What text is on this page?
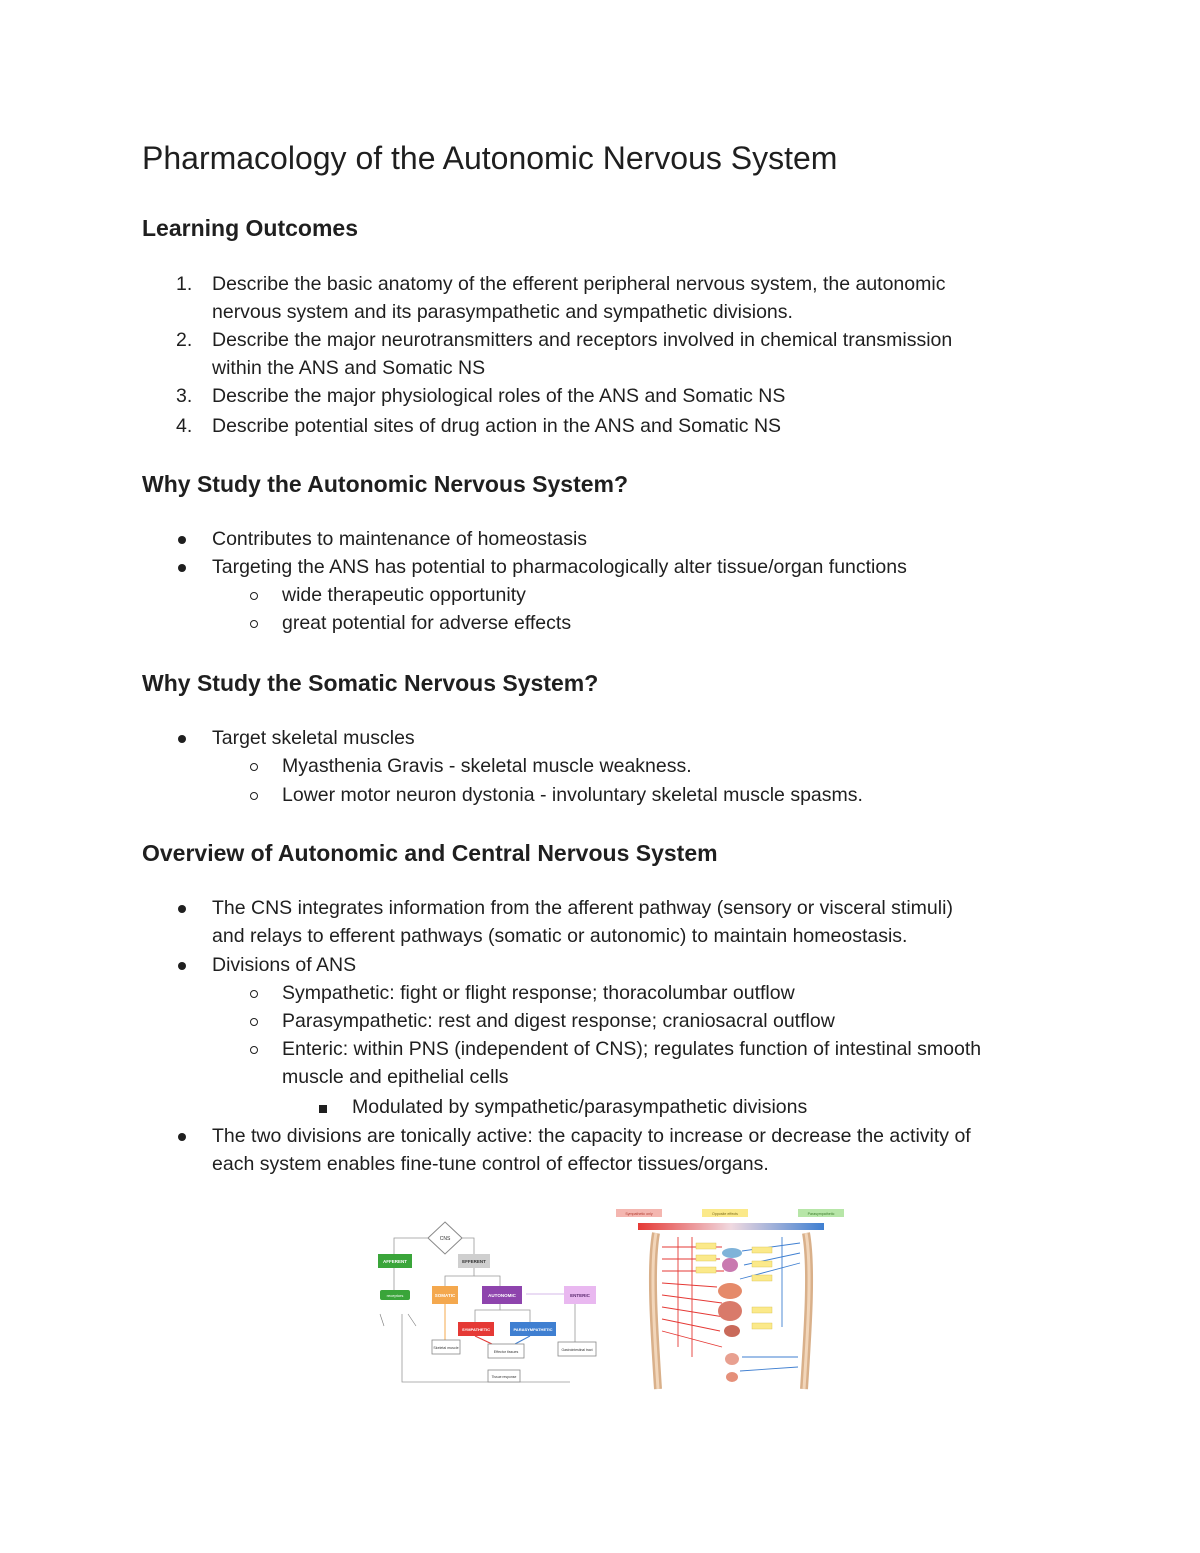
Pharmacology of the Autonomic Nervous System
Learning Outcomes
1. Describe the basic anatomy of the efferent peripheral nervous system, the autonomic

nervous system and its parasympathetic and sympathetic divisions.

2. Describe the major neurotransmitters and receptors involved in chemical transmission

within the ANS and Somatic NS

3. Describe the major physiological roles of the ANS and Somatic NS

4. Describe potential sites of drug action in the ANS and Somatic NS

Why Study the Autonomic Nervous System?

Contributes to maintenance of homeostasis

Targeting the ANS has potential to pharmacologically alter tissue/organ functions

wide therapeutic opportunity

great potential for adverse effects

Why Study the Somatic Nervous System?

Target skeletal muscles

Myasthenia Gravis - skeletal muscle weakness.

Lower motor neuron dystonia - involuntary skeletal muscle spasms.

Overview of Autonomic and Central Nervous System

The CNS integrates information from the afferent pathway (sensory or visceral stimuli)

and relays to efferent pathways (somatic or autonomic) to maintain homeostasis.

Divisions of ANS

Sympathetic: fight or flight response; thoracolumbar outflow

Parasympathetic: rest and digest response; craniosacral outflow

Enteric: within PNS (independent of CNS); regulates function of intestinal smooth

muscle and epithelial cells

Modulated by sympathetic/parasympathetic divisions

The two divisions are tonically active: the capacity to increase or decrease the activity of

each system enables fine-tune control of effector tissues/organs.

CNS
AFFERENT	EFFERENT
receptors	SOMATIC	AUTONOMIC	ENTERIC
SYMPATHETIC	PARASYMPATHETIC
Skeletal muscle
Effector tissues	Gastrointestinal tract
Tissue response
Sympathetic only	Opposite effects	Parasympathetic
